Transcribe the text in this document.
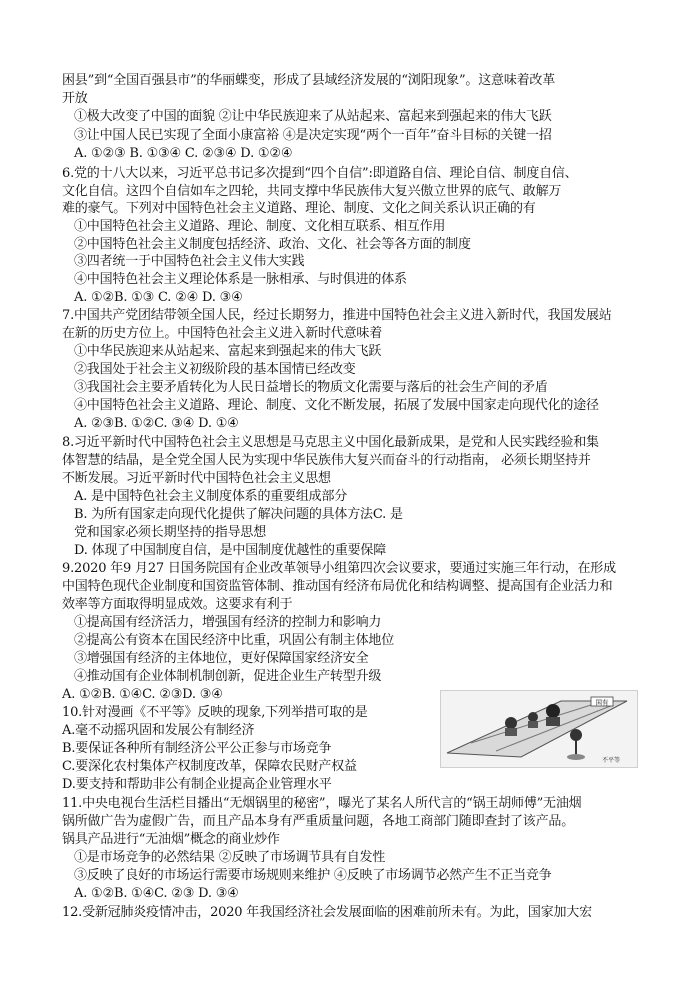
困县”到“全国百强县市”的华丽蝶变，形成了县域经济发展的“浏阳现象”。这意味着改革
开放
①极大改变了中国的面貌 ②让中华民族迎来了从站起来、富起来到强起来的伟大飞跃
③让中国人民已实现了全面小康富裕 ④是决定实现“两个一百年”奋斗目标的关键一招
A. ①②③ B. ①③④ C. ②③④ D. ①②④
6.党的十八大以来，习近平总书记多次提到“四个自信”:即道路自信、理论自信、制度自信、
文化自信。这四个自信如车之四轮，共同支撑中华民族伟大复兴傲立世界的底气、敢解万
难的豪气。下列对中国特色社会主义道路、理论、制度、文化之间关系认识正确的有
①中国特色社会主义道路、理论、制度、文化相互联系、相互作用
②中国特色社会主义制度包括经济、政治、文化、社会等各方面的制度
③四者统一于中国特色社会主义伟大实践
④中国特色社会主义理论体系是一脉相承、与时俱进的体系
A. ①②B. ①③ C. ②④ D. ③④
7.中国共产党团结带领全国人民，经过长期努力，推进中国特色社会主义进入新时代，我国发展站
在新的历史方位上。中国特色社会主义进入新时代意味着
①中华民族迎来从站起来、富起来到强起来的伟大飞跃
②我国处于社会主义初级阶段的基本国情已经改变
③我国社会主要矛盾转化为人民日益增长的物质文化需要与落后的社会生产间的矛盾
④中国特色社会主义道路、理论、制度、文化不断发展，拓展了发展中国家走向现代化的途径
A. ②③B. ①②C. ③④ D. ①④
8.习近平新时代中国特色社会主义思想是马克思主义中国化最新成果，是党和人民实践经验和集
体智慧的结晶，是全党全国人民为实现中华民族伟大复兴而奋斗的行动指南， 必须长期坚持并
不断发展。习近平新时代中国特色社会主义思想
A. 是中国特色社会主义制度体系的重要组成部分
B. 为所有国家走向现代化提供了解决问题的具体方法C. 是
党和国家必须长期坚持的指导思想
D. 体现了中国制度自信，是中国制度优越性的重要保障
9.2020 年9 月27 日国务院国有企业改革领导小组第四次会议要求，要通过实施三年行动，在形成
中国特色现代企业制度和国资监管体制、推动国有经济布局优化和结构调整、提高国有企业活力和
效率等方面取得明显成效。这要求有利于
①提高国有经济活力，增强国有经济的控制力和影响力
②提高公有资本在国民经济中比重，巩固公有制主体地位
③增强国有经济的主体地位，更好保障国家经济安全
④推动国有企业体制机制创新，促进企业生产转型升级
A. ①②B. ①④C. ②③D. ③④
10.针对漫画《不平等》反映的现象,下列举措可取的是
A.毫不动摇巩固和发展公有制经济
B.要保证各种所有制经济公平公正参与市场竞争
C.要深化农村集体产权制度改革，保障农民财产权益
D.要支持和帮助非公有制企业提高企业管理水平
11.中央电视台生活栏目播出“无烟锅里的秘密”，曝光了某名人所代言的“锅王胡师傅”无油烟
锅所做广告为虚假广告，而且产品本身有严重质量问题，各地工商部门随即查封了该产品。
锅具产品进行“无油烟”概念的商业炒作
①是市场竞争的必然结果 ②反映了市场调节具有自发性
③反映了良好的市场运行需要市场规则来维护 ④反映了市场调节必然产生不正当竞争
A. ①②B. ①④C. ②③ D. ③④
12.受新冠肺炎疫情冲击，2020 年我国经济社会发展面临的困难前所未有。为此，国家加大宏
国有
不平等
